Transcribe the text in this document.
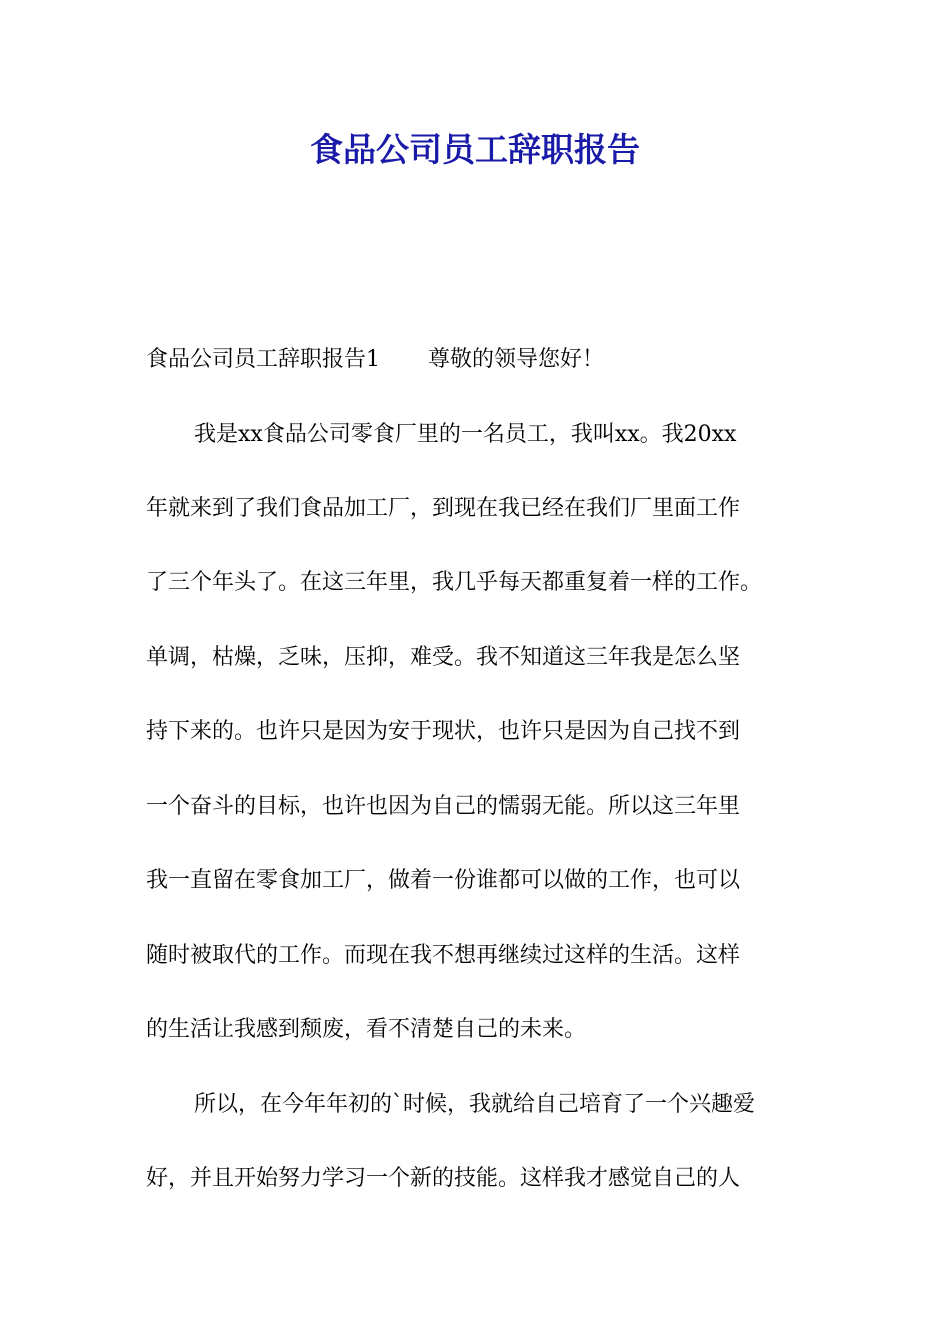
食品公司员工辞职报告
食品公司员工辞职报告1 尊敬的领导您好！
我是xx食品公司零食厂里的一名员工，我叫xx。我20xx
年就来到了我们食品加工厂，到现在我已经在我们厂里面工作
了三个年头了。在这三年里，我几乎每天都重复着一样的工作。
单调，枯燥，乏味，压抑，难受。我不知道这三年我是怎么坚
持下来的。也许只是因为安于现状，也许只是因为自己找不到
一个奋斗的目标，也许也因为自己的懦弱无能。所以这三年里
我一直留在零食加工厂，做着一份谁都可以做的工作，也可以
随时被取代的工作。而现在我不想再继续过这样的生活。这样
的生活让我感到颓废，看不清楚自己的未来。
所以，在今年年初的`时候，我就给自己培育了一个兴趣爱
好，并且开始努力学习一个新的技能。这样我才感觉自己的人
